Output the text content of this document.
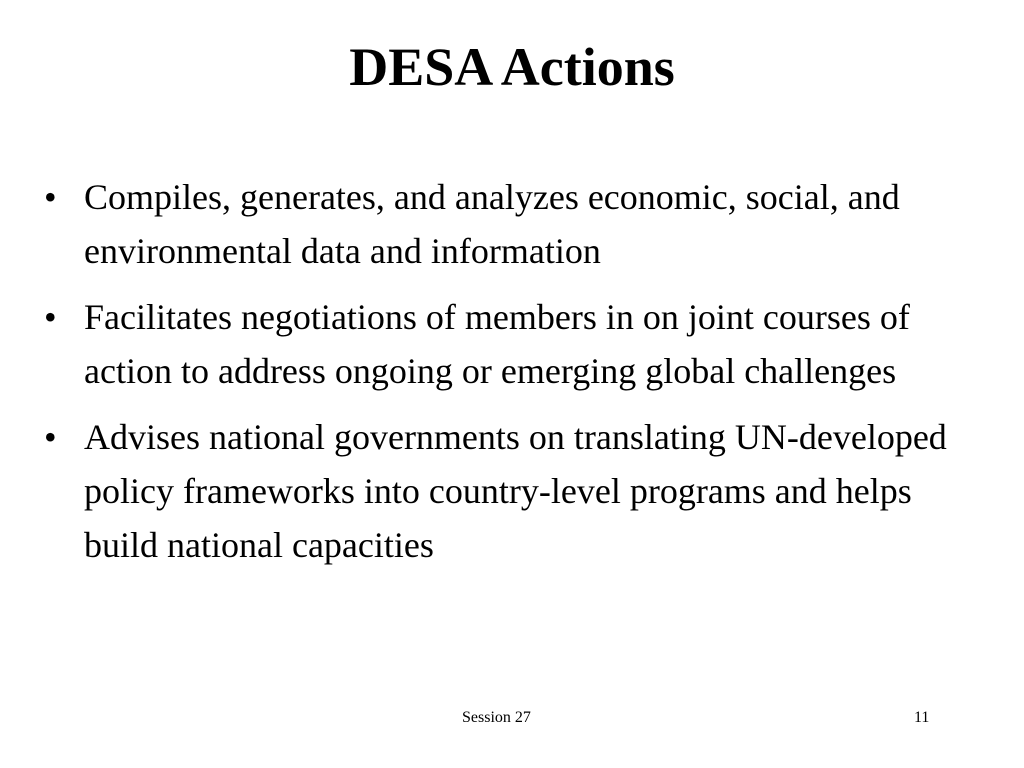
DESA Actions
• Compiles, generates, and analyzes economic, social, and environmental data and information
• Facilitates negotiations of members in on joint courses of action to address ongoing or emerging global challenges
• Advises national governments on translating UN-developed policy frameworks into country-level programs and helps build national capacities
Session 27	11
